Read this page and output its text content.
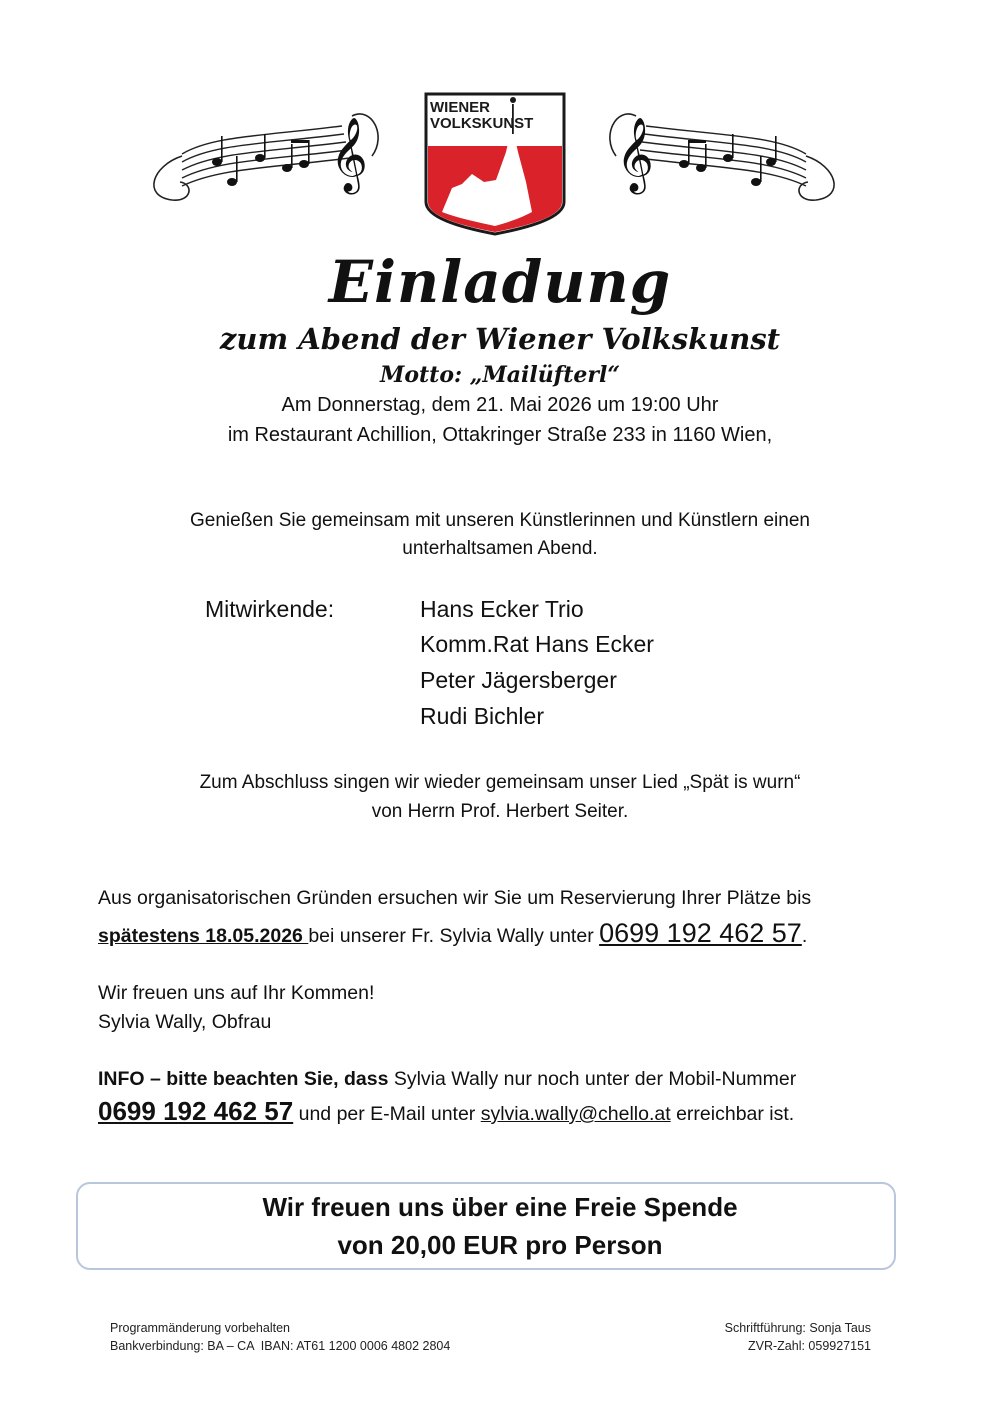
𝄞	𝄞
WIENER
VOLKSKUNST
Einladung
zum Abend der Wiener Volkskunst
Motto: „Mailüfterl“
Am Donnerstag, dem 21. Mai 2026 um 19:00 Uhr
im Restaurant Achillion, Ottakringer Straße 233 in 1160 Wien,
Genießen Sie gemeinsam mit unseren Künstlerinnen und Künstlern einen
unterhaltsamen Abend.
Mitwirkende:	Hans Ecker Trio
Komm.Rat Hans Ecker
Peter Jägersberger
Rudi Bichler
Zum Abschluss singen wir wieder gemeinsam unser Lied „Spät is wurn“
von Herrn Prof. Herbert Seiter.
Aus organisatorischen Gründen ersuchen wir Sie um Reservierung Ihrer Plätze bis
spätestens 18.05.2026 bei unserer Fr. Sylvia Wally unter 0699 192 462 57.
Wir freuen uns auf Ihr Kommen!
Sylvia Wally, Obfrau
INFO – bitte beachten Sie, dass Sylvia Wally nur noch unter der Mobil-Nummer
0699 192 462 57 und per E-Mail unter sylvia.wally@chello.at erreichbar ist.
Wir freuen uns über eine Freie Spende
von 20,00 EUR pro Person
Programmänderung vorbehalten
Bankverbindung: BA – CA  IBAN: AT61 1200 0006 4802 2804
Schriftführung: Sonja Taus
ZVR-Zahl: 059927151
